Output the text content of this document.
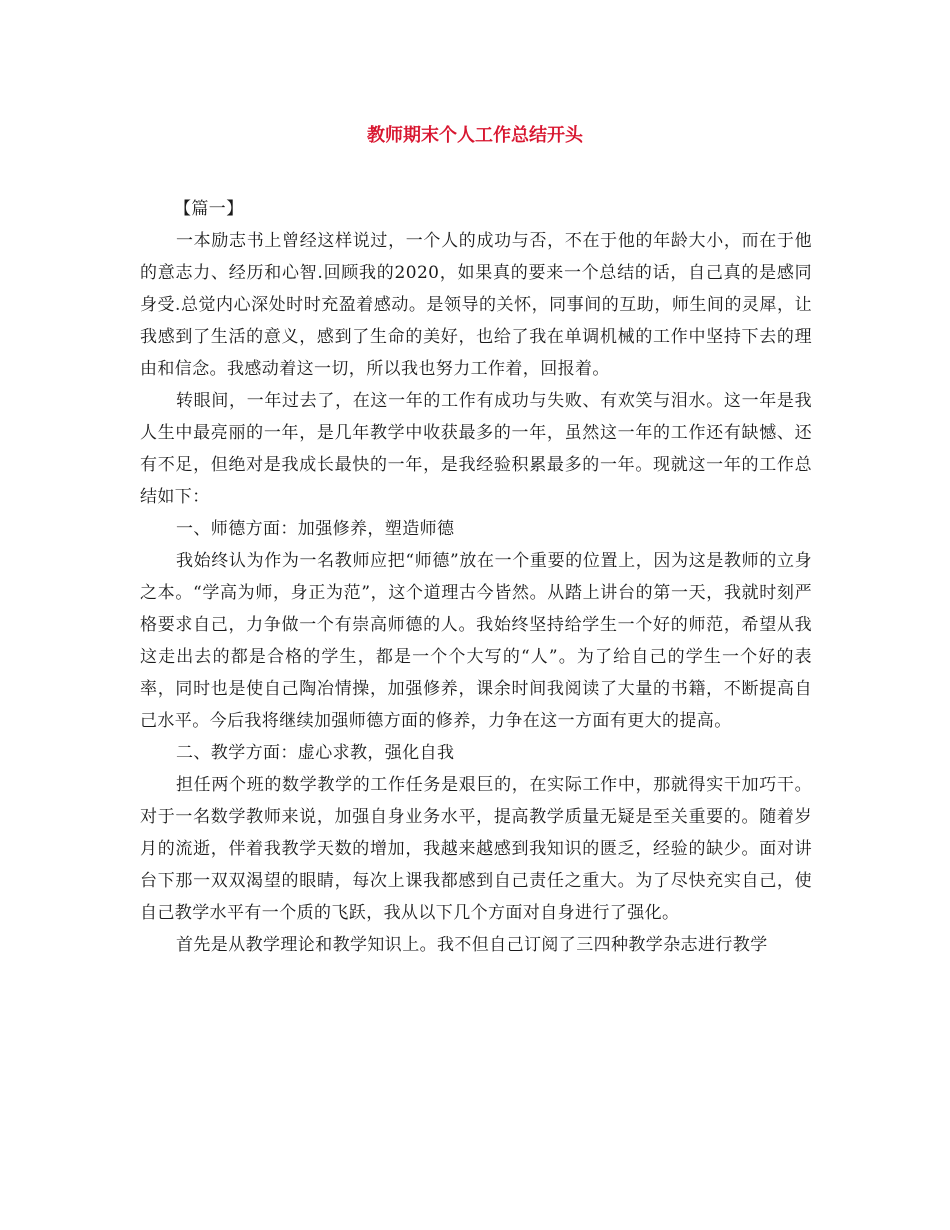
教师期末个人工作总结开头

【篇一】

一本励志书上曾经这样说过，一个人的成功与否，不在于他的年龄大小，而在于他的意志力、经历和心智.回顾我的2020，如果真的要来一个总结的话，自己真的是感同身受.总觉内心深处时时充盈着感动。是领导的关怀，同事间的互助，师生间的灵犀，让我感到了生活的意义，感到了生命的美好，也给了我在单调机械的工作中坚持下去的理由和信念。我感动着这一切，所以我也努力工作着，回报着。

转眼间，一年过去了，在这一年的工作有成功与失败、有欢笑与泪水。这一年是我人生中最亮丽的一年，是几年教学中收获最多的一年，虽然这一年的工作还有缺憾、还有不足，但绝对是我成长最快的一年，是我经验积累最多的一年。现就这一年的工作总结如下：

一、师德方面：加强修养，塑造师德

我始终认为作为一名教师应把“师德”放在一个重要的位置上，因为这是教师的立身之本。“学高为师，身正为范”，这个道理古今皆然。从踏上讲台的第一天，我就时刻严格要求自己，力争做一个有崇高师德的人。我始终坚持给学生一个好的师范，希望从我这走出去的都是合格的学生，都是一个个大写的“人”。为了给自己的学生一个好的表率，同时也是使自己陶冶情操，加强修养，课余时间我阅读了大量的书籍，不断提高自己水平。今后我将继续加强师德方面的修养，力争在这一方面有更大的提高。

二、教学方面：虚心求教，强化自我

担任两个班的数学教学的工作任务是艰巨的，在实际工作中，那就得实干加巧干。对于一名数学教师来说，加强自身业务水平，提高教学质量无疑是至关重要的。随着岁月的流逝，伴着我教学天数的增加，我越来越感到我知识的匮乏，经验的缺少。面对讲台下那一双双渴望的眼睛，每次上课我都感到自己责任之重大。为了尽快充实自己，使自己教学水平有一个质的飞跃，我从以下几个方面对自身进行了强化。

首先是从教学理论和教学知识上。我不但自己订阅了三四种教学杂志进行教学
